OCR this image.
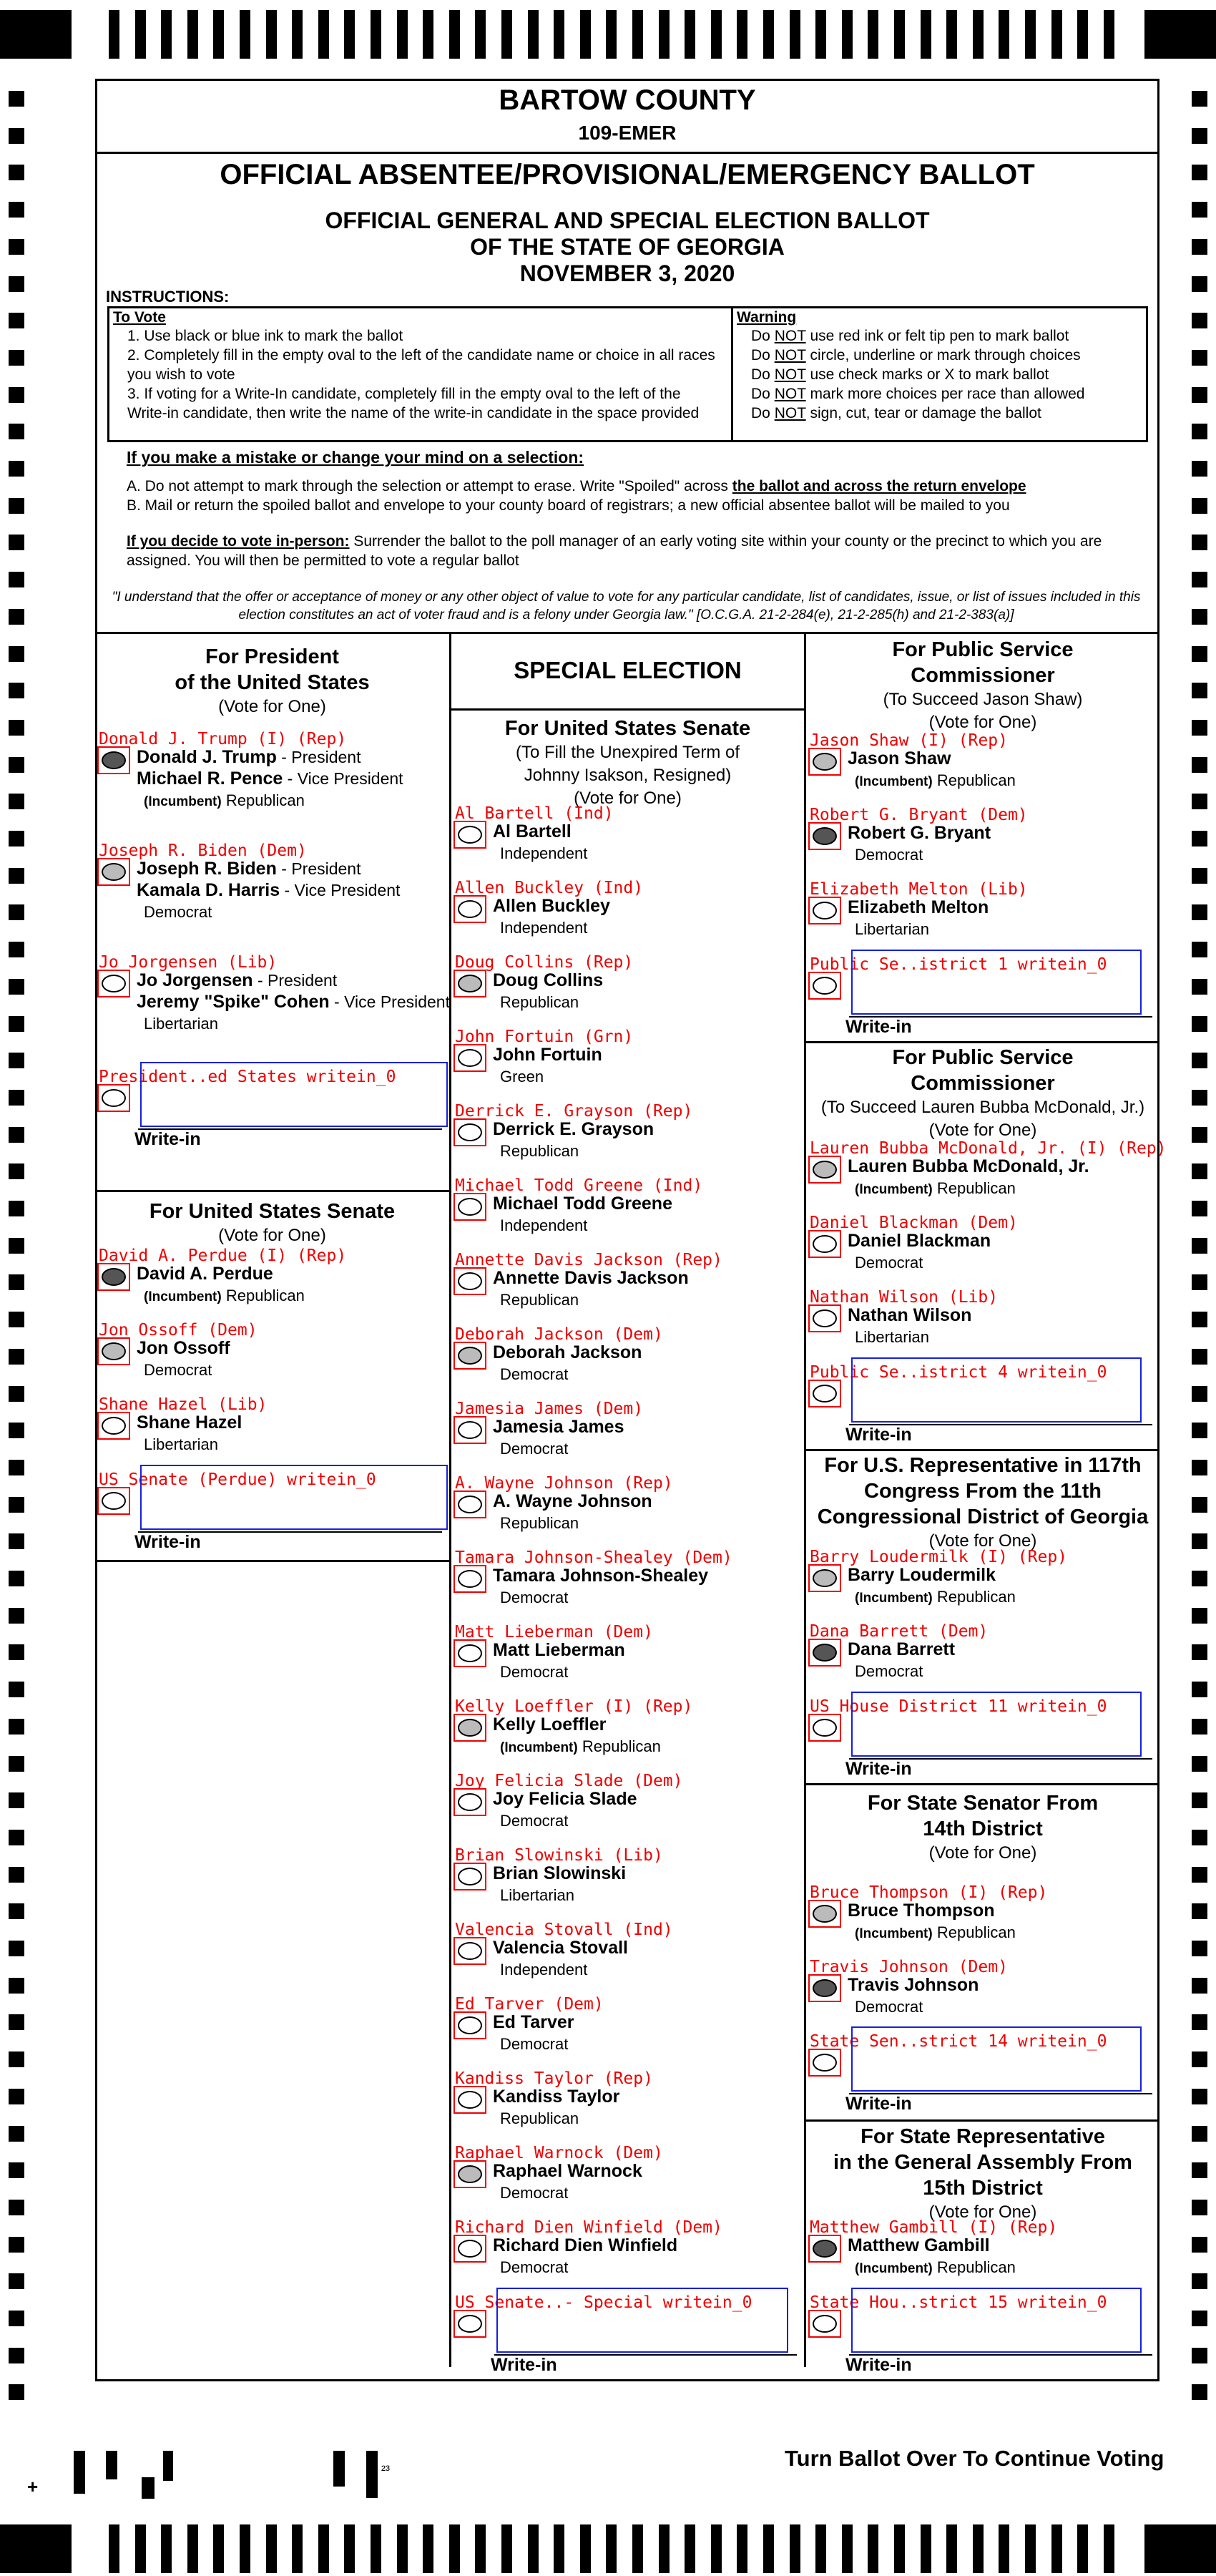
BARTOW COUNTY
109-EMER
OFFICIAL ABSENTEE/PROVISIONAL/EMERGENCY BALLOT
OFFICIAL GENERAL AND SPECIAL ELECTION BALLOT
OF THE STATE OF GEORGIA
NOVEMBER 3, 2020
INSTRUCTIONS:
To Vote
1. Use black or blue ink to mark the ballot
2. Completely fill in the empty oval to the left of the candidate name or choice in all races you wish to vote
3. If voting for a Write-In candidate, completely fill in the empty oval to the left of the Write-in candidate, then write the name of the write-in candidate in the space provided
Warning
Do NOT use red ink or felt tip pen to mark ballot
Do NOT circle, underline or mark through choices
Do NOT use check marks or X to mark ballot
Do NOT mark more choices per race than allowed
Do NOT sign, cut, tear or damage the ballot
If you make a mistake or change your mind on a selection:
A. Do not attempt to mark through the selection or attempt to erase. Write "Spoiled" across the ballot and across the return envelope
B. Mail or return the spoiled ballot and envelope to your county board of registrars; a new official absentee ballot will be mailed to you
If you decide to vote in-person: Surrender the ballot to the poll manager of an early voting site within your county or the precinct to which you are assigned. You will then be permitted to vote a regular ballot
"I understand that the offer or acceptance of money or any other object of value to vote for any particular candidate, list of candidates, issue, or list of issues included in this election constitutes an act of voter fraud and is a felony under Georgia law." [O.C.G.A. 21-2-284(e), 21-2-285(h) and 21-2-383(a)]
SPECIAL ELECTION
For President
of the United States
(Vote for One)
Donald J. Trump (I) (Rep)
Donald J. Trump - President
Michael R. Pence - Vice President
(Incumbent) Republican
Joseph R. Biden (Dem)
Joseph R. Biden - President
Kamala D. Harris - Vice President
Democrat
Jo Jorgensen (Lib)
Jo Jorgensen - President
Jeremy "Spike" Cohen - Vice President
Libertarian
President..ed States writein_0
Write-in
For United States Senate
(Vote for One)
David A. Perdue (I) (Rep)
David A. Perdue
(Incumbent) Republican
Jon Ossoff (Dem)
Jon Ossoff
Democrat
Shane Hazel (Lib)
Shane Hazel
Libertarian
US Senate (Perdue) writein_0
Write-in
For United States Senate
(To Fill the Unexpired Term of
Johnny Isakson, Resigned)
(Vote for One)
Al Bartell (Ind)
Al Bartell
Independent
Allen Buckley (Ind)
Allen Buckley
Independent
Doug Collins (Rep)
Doug Collins
Republican
John Fortuin (Grn)
John Fortuin
Green
Derrick E. Grayson (Rep)
Derrick E. Grayson
Republican
Michael Todd Greene (Ind)
Michael Todd Greene
Independent
Annette Davis Jackson (Rep)
Annette Davis Jackson
Republican
Deborah Jackson (Dem)
Deborah Jackson
Democrat
Jamesia James (Dem)
Jamesia James
Democrat
A. Wayne Johnson (Rep)
A. Wayne Johnson
Republican
Tamara Johnson-Shealey (Dem)
Tamara Johnson-Shealey
Democrat
Matt Lieberman (Dem)
Matt Lieberman
Democrat
Kelly Loeffler (I) (Rep)
Kelly Loeffler
(Incumbent) Republican
Joy Felicia Slade (Dem)
Joy Felicia Slade
Democrat
Brian Slowinski (Lib)
Brian Slowinski
Libertarian
Valencia Stovall (Ind)
Valencia Stovall
Independent
Ed Tarver (Dem)
Ed Tarver
Democrat
Kandiss Taylor (Rep)
Kandiss Taylor
Republican
Raphael Warnock (Dem)
Raphael Warnock
Democrat
Richard Dien Winfield (Dem)
Richard Dien Winfield
Democrat
US Senate..- Special writein_0
Write-in
For Public Service
Commissioner
(To Succeed Jason Shaw)
(Vote for One)
Jason Shaw (I) (Rep)
Jason Shaw
(Incumbent) Republican
Robert G. Bryant (Dem)
Robert G. Bryant
Democrat
Elizabeth Melton (Lib)
Elizabeth Melton
Libertarian
Public Se..istrict 1 writein_0
Write-in
For Public Service
Commissioner
(To Succeed Lauren Bubba McDonald, Jr.)
(Vote for One)
Lauren Bubba McDonald, Jr. (I) (Rep)
Lauren Bubba McDonald, Jr.
(Incumbent) Republican
Daniel Blackman (Dem)
Daniel Blackman
Democrat
Nathan Wilson (Lib)
Nathan Wilson
Libertarian
Public Se..istrict 4 writein_0
Write-in
For U.S. Representative in 117th
Congress From the 11th
Congressional District of Georgia
(Vote for One)
Barry Loudermilk (I) (Rep)
Barry Loudermilk
(Incumbent) Republican
Dana Barrett (Dem)
Dana Barrett
Democrat
US House District 11 writein_0
Write-in
For State Senator From
14th District
(Vote for One)
Bruce Thompson (I) (Rep)
Bruce Thompson
(Incumbent) Republican
Travis Johnson (Dem)
Travis Johnson
Democrat
State Sen..strict 14 writein_0
Write-in
For State Representative
in the General Assembly From
15th District
(Vote for One)
Matthew Gambill (I) (Rep)
Matthew Gambill
(Incumbent) Republican
State Hou..strict 15 writein_0
Write-in
Turn Ballot Over To Continue Voting
+
²³
